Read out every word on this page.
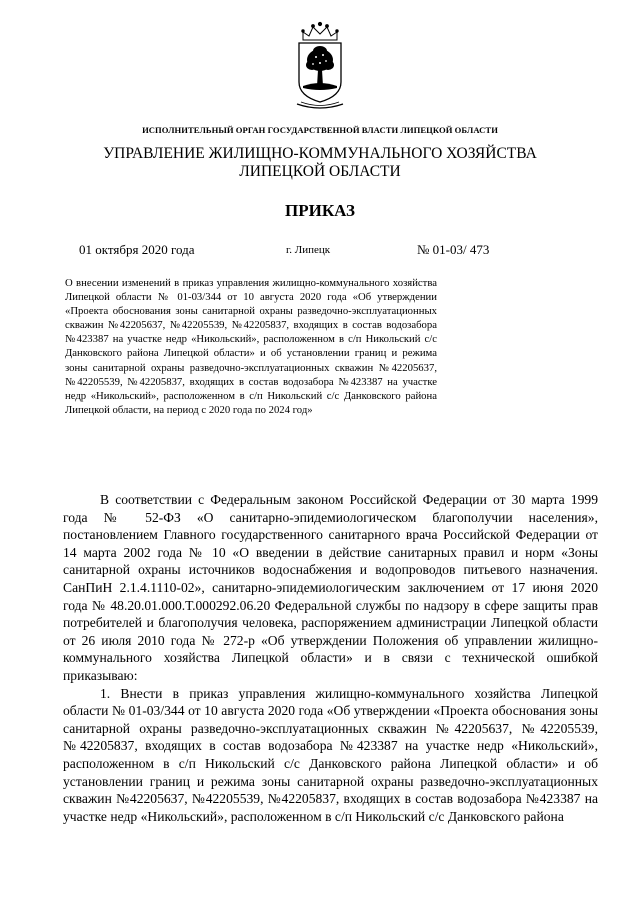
ИСПОЛНИТЕЛЬНЫЙ ОРГАН ГОСУДАРСТВЕННОЙ ВЛАСТИ ЛИПЕЦКОЙ ОБЛАСТИ
УПРАВЛЕНИЕ ЖИЛИЩНО-КОММУНАЛЬНОГО ХОЗЯЙСТВА
ЛИПЕЦКОЙ ОБЛАСТИ
ПРИКАЗ
01 октября 2020 года	г. Липецк	№ 01-03/ 473
О внесении изменений в приказ управления жилищно-коммунального хозяйства Липецкой области № 01-03/344 от 10 августа 2020 года «Об утверждении «Проекта обоснования зоны санитарной охраны разведочно-эксплуатационных скважин №42205637, №42205539, №42205837, входящих в состав водозабора №423387 на участке недр «Никольский», расположенном в с/п Никольский с/с Данковского района Липецкой области» и об установлении границ и режима зоны санитарной охраны разведочно-эксплуатационных скважин №42205637, №42205539, №42205837, входящих в состав водозабора №423387 на участке недр «Никольский», расположенном в с/п Никольский с/с Данковского района Липецкой области, на период с 2020 года по 2024 год»

В соответствии с Федеральным законом Российской Федерации от 30 марта 1999 года № 52-ФЗ «О санитарно-эпидемиологическом благополучии населения», постановлением Главного государственного санитарного врача Российской Федерации от 14 марта 2002 года № 10 «О введении в действие санитарных правил и норм «Зоны санитарной охраны источников водоснабжения и водопроводов питьевого назначения. СанПиН 2.1.4.1110-02», санитарно-эпидемиологическим заключением от 17 июня 2020 года № 48.20.01.000.Т.000292.06.20 Федеральной службы по надзору в сфере защиты прав потребителей и благополучия человека, распоряжением администрации Липецкой области от 26 июля 2010 года № 272-р «Об утверждении Положения об управлении жилищно-коммунального хозяйства Липецкой области» и в связи с технической ошибкой приказываю:

1. Внести в приказ управления жилищно-коммунального хозяйства Липецкой области № 01-03/344 от 10 августа 2020 года «Об утверждении «Проекта обоснования зоны санитарной охраны разведочно-эксплуатационных скважин №42205637, №42205539, №42205837, входящих в состав водозабора №423387 на участке недр «Никольский», расположенном в с/п Никольский с/с Данковского района Липецкой области» и об установлении границ и режима зоны санитарной охраны разведочно-эксплуатационных скважин №42205637, №42205539, №42205837, входящих в состав водозабора №423387 на участке недр «Никольский», расположенном в с/п Никольский с/с Данковского района
